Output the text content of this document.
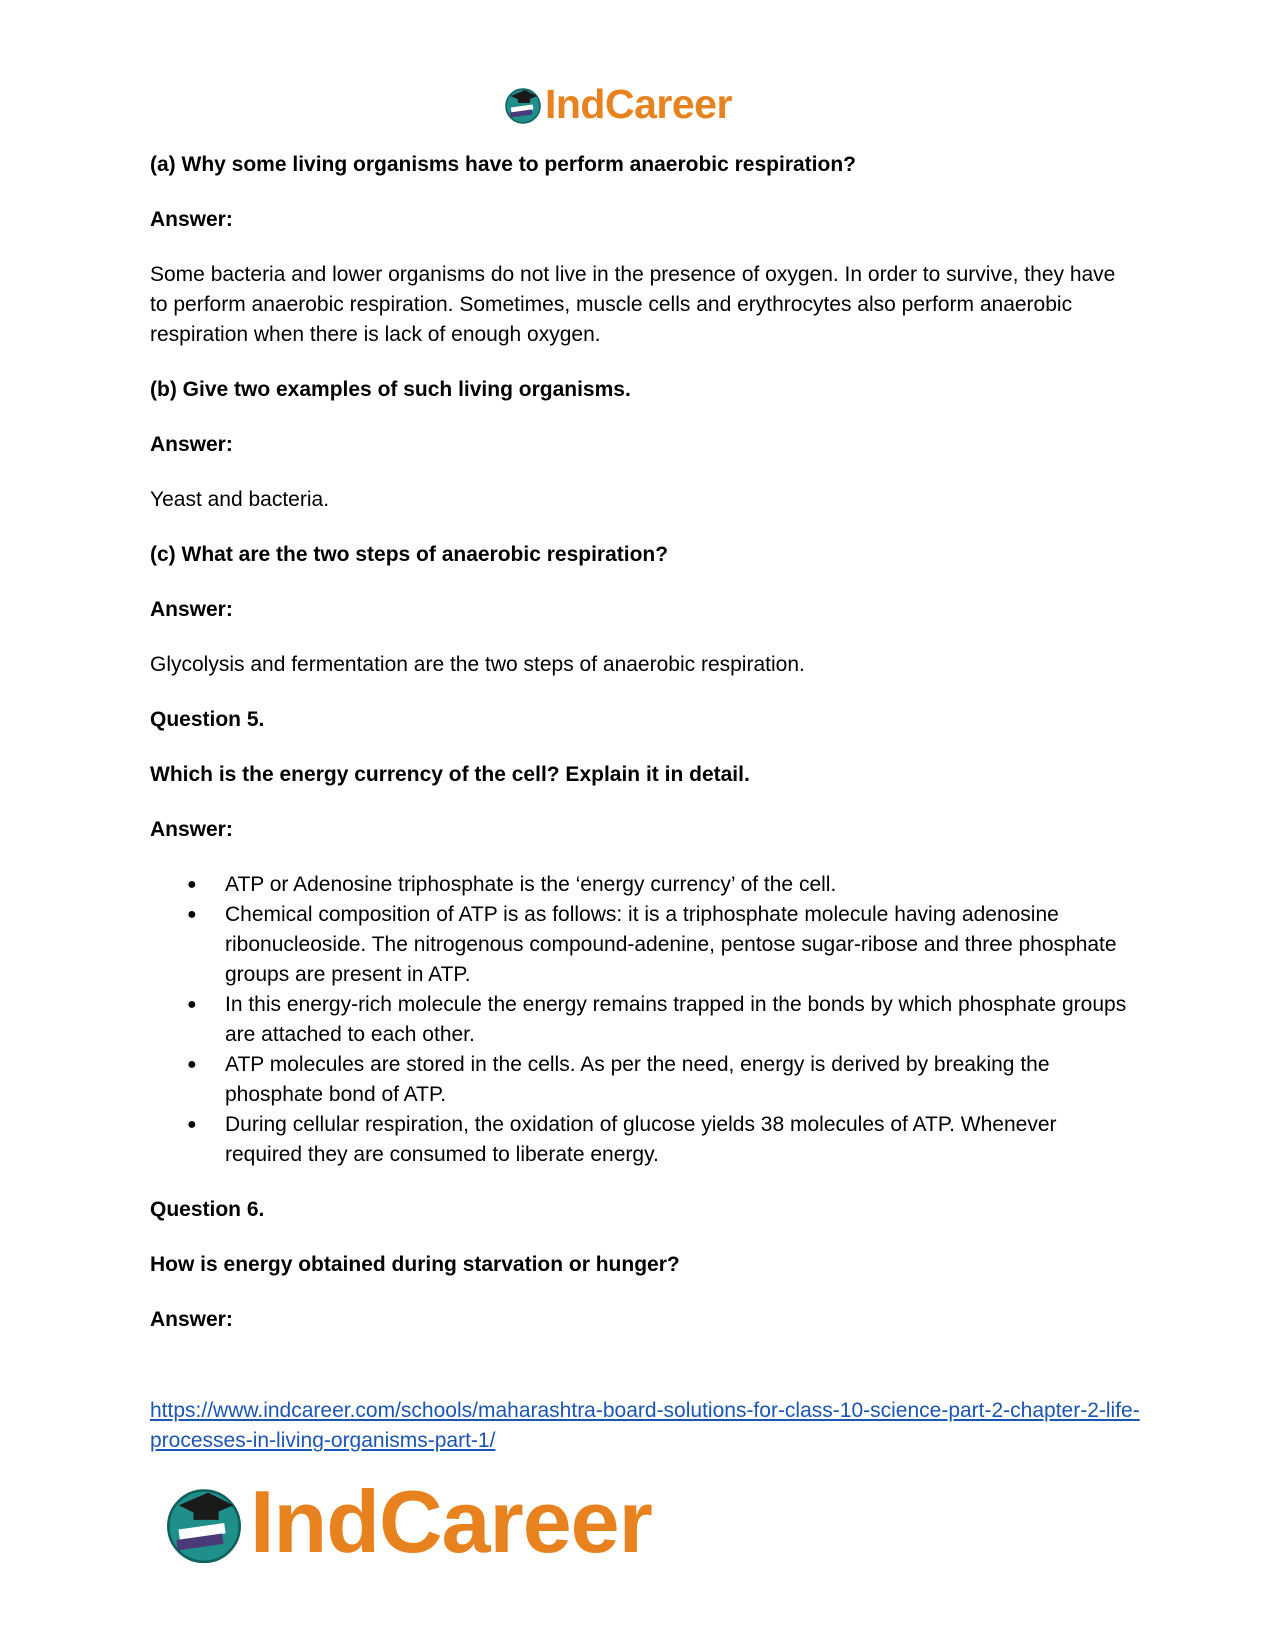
IndCareer

(a) Why some living organisms have to perform anaerobic respiration?

Answer:

Some bacteria and lower organisms do not live in the presence of oxygen. In order to survive, they have to perform anaerobic respiration. Sometimes, muscle cells and erythrocytes also perform anaerobic respiration when there is lack of enough oxygen.

(b) Give two examples of such living organisms.

Answer:

Yeast and bacteria.

(c) What are the two steps of anaerobic respiration?

Answer:

Glycolysis and fermentation are the two steps of anaerobic respiration.

Question 5.

Which is the energy currency of the cell? Explain it in detail.

Answer:

● ATP or Adenosine triphosphate is the ‘energy currency’ of the cell.
● Chemical composition of ATP is as follows: it is a triphosphate molecule having adenosine ribonucleoside. The nitrogenous compound-adenine, pentose sugar-ribose and three phosphate groups are present in ATP.
● In this energy-rich molecule the energy remains trapped in the bonds by which phosphate groups are attached to each other.
● ATP molecules are stored in the cells. As per the need, energy is derived by breaking the phosphate bond of ATP.
● During cellular respiration, the oxidation of glucose yields 38 molecules of ATP. Whenever required they are consumed to liberate energy.

Question 6.

How is energy obtained during starvation or hunger?

Answer:

https://www.indcareer.com/schools/maharashtra-board-solutions-for-class-10-science-part-2-chapter-2-life-processes-in-living-organisms-part-1/
IndCareer
